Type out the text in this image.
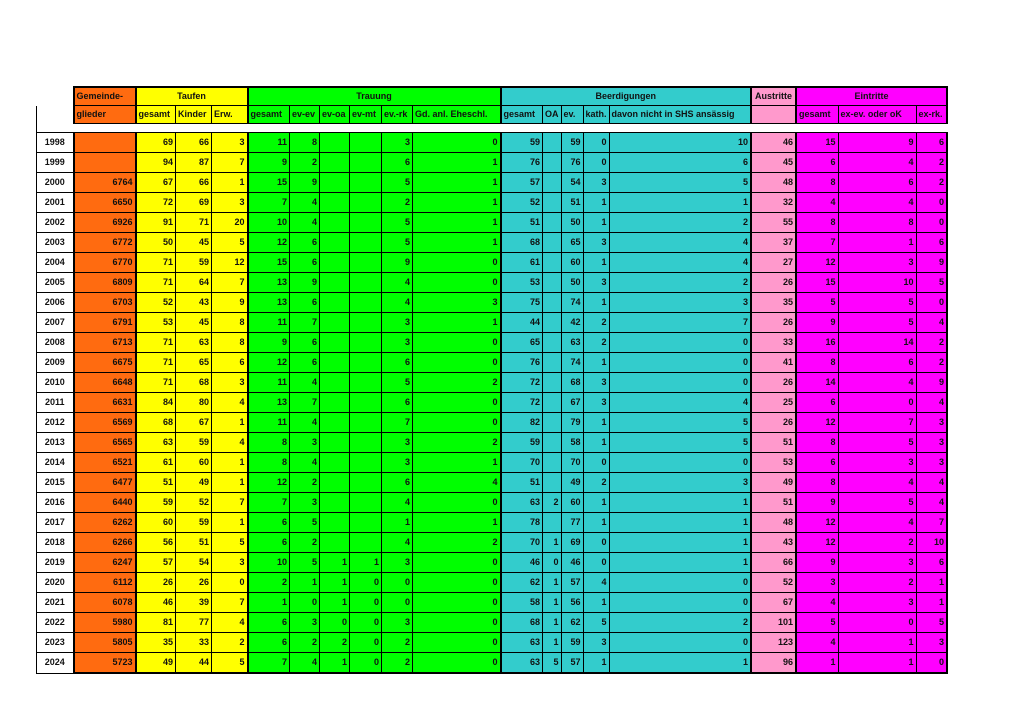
	Gemeinde-	Taufen			Trauung						Beerdigungen					Austritte	Eintritte		
	glieder	gesamt	Kinder	Erw.	gesamt	ev-ev	ev-oa	ev-mt	ev.-rk	Gd. anl. Eheschl.	gesamt	OA	ev.	kath.	davon nicht in SHS ansässig		gesamt	ex-ev. oder oK	ex-rk.

1998		69	66	3	11	8			3	0	59		59	0	10	46	15	9	6
1999		94	87	7	9	2			6	1	76		76	0	6	45	6	4	2
2000	6764	67	66	1	15	9			5	1	57		54	3	5	48	8	6	2
2001	6650	72	69	3	7	4			2	1	52		51	1	1	32	4	4	0
2002	6926	91	71	20	10	4			5	1	51		50	1	2	55	8	8	0
2003	6772	50	45	5	12	6			5	1	68		65	3	4	37	7	1	6
2004	6770	71	59	12	15	6			9	0	61		60	1	4	27	12	3	9
2005	6809	71	64	7	13	9			4	0	53		50	3	2	26	15	10	5
2006	6703	52	43	9	13	6			4	3	75		74	1	3	35	5	5	0
2007	6791	53	45	8	11	7			3	1	44		42	2	7	26	9	5	4
2008	6713	71	63	8	9	6			3	0	65		63	2	0	33	16	14	2
2009	6675	71	65	6	12	6			6	0	76		74	1	0	41	8	6	2
2010	6648	71	68	3	11	4			5	2	72		68	3	0	26	14	4	9
2011	6631	84	80	4	13	7			6	0	72		67	3	4	25	6	0	4
2012	6569	68	67	1	11	4			7	0	82		79	1	5	26	12	7	3
2013	6565	63	59	4	8	3			3	2	59		58	1	5	51	8	5	3
2014	6521	61	60	1	8	4			3	1	70		70	0	0	53	6	3	3
2015	6477	51	49	1	12	2			6	4	51		49	2	3	49	8	4	4
2016	6440	59	52	7	7	3			4	0	63	2	60	1	1	51	9	5	4
2017	6262	60	59	1	6	5			1	1	78		77	1	1	48	12	4	7
2018	6266	56	51	5	6	2			4	2	70	1	69	0	1	43	12	2	10
2019	6247	57	54	3	10	5	1	1	3	0	46	0	46	0	1	66	9	3	6
2020	6112	26	26	0	2	1	1	0	0	0	62	1	57	4	0	52	3	2	1
2021	6078	46	39	7	1	0	1	0	0	0	58	1	56	1	0	67	4	3	1
2022	5980	81	77	4	6	3	0	0	3	0	68	1	62	5	2	101	5	0	5
2023	5805	35	33	2	6	2	2	0	2	0	63	1	59	3	0	123	4	1	3
2024	5723	49	44	5	7	4	1	0	2	0	63	5	57	1	1	96	1	1	0
